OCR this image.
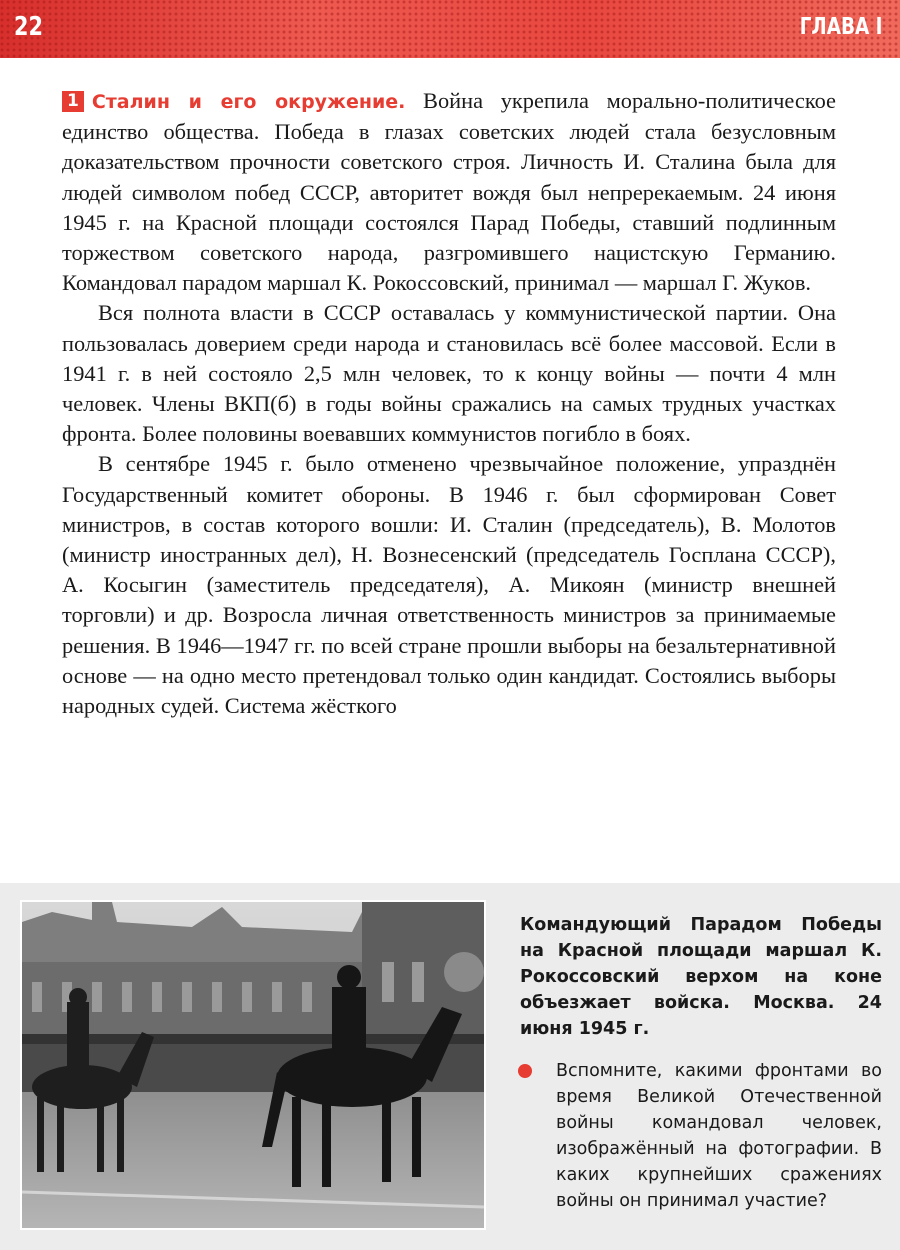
22	ГЛАВА I

1 Сталин и его окружение. Война укрепила морально-политическое единство общества. Победа в глазах советских людей стала безусловным доказательством прочности советского строя. Личность И. Сталина была для людей символом побед СССР, авторитет вождя был непререкаемым. 24 июня 1945 г. на Красной площади состоялся Парад Победы, ставший подлинным торжеством советского народа, разгромившего нацистскую Германию. Командовал парадом маршал К. Рокоссовский, принимал — маршал Г. Жуков.

Вся полнота власти в СССР оставалась у коммунистической партии. Она пользовалась доверием среди народа и становилась всё более массовой. Если в 1941 г. в ней состояло 2,5 млн человек, то к концу войны — почти 4 млн человек. Члены ВКП(б) в годы войны сражались на самых трудных участках фронта. Более половины воевавших коммунистов погибло в боях.

В сентябре 1945 г. было отменено чрезвычайное положение, упразднён Государственный комитет обороны. В 1946 г. был сформирован Совет министров, в состав которого вошли: И. Сталин (председатель), В. Молотов (министр иностранных дел), Н. Вознесенский (председатель Госплана СССР), А. Косыгин (заместитель председателя), А. Микоян (министр внешней торговли) и др. Возросла личная ответственность министров за принимаемые решения. В 1946—1947 гг. по всей стране прошли выборы на безальтернативной основе — на одно место претендовал только один кандидат. Состоялись выборы народных судей. Система жёсткого

Командующий Парадом Победы на Красной площади маршал К. Рокоссовский верхом на коне объезжает войска. Москва. 24 июня 1945 г.

Вспомните, какими фронтами во время Великой Отечественной войны командовал человек, изображённый на фотографии. В каких крупнейших сражениях войны он принимал участие?
